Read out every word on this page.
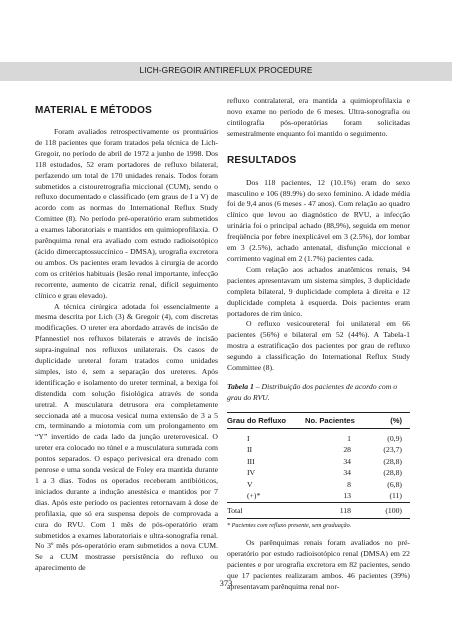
LICH-GREGOIR ANTIREFLUX PROCEDURE
MATERIAL E MÉTODOS

Foram avaliados retrospectivamente os prontuários de 118 pacientes que foram tratados pela técnica de Lich-Gregoir, no período de abril de 1972 a junho de 1998. Dos 118 estudados, 52 eram portadores de refluxo bilateral, perfazendo um total de 170 unidades renais. Todos foram submetidos a cistouretrografia miccional (CUM), sendo o refluxo documentado e classificado (em graus de I a V) de acordo com as normas do International Reflux Study Comittee (8). No período pré-operatório eram submetidos a exames laboratoriais e mantidos em quimioprofilaxia. O parênquima renal era avaliado com estudo radioisotópico (ácido dimercaptossuccínico - DMSA), urografia excretora ou ambos. Os pacientes eram levados à cirurgia de acordo com os critérios habituais (lesão renal importante, infecção recorrente, aumento de cicatriz renal, difícil seguimento clínico e grau elevado).

A técnica cirúrgica adotada foi essencialmente a mesma descrita por Lich (3) & Gregoir (4), com discretas modificações. O ureter era abordado através de incisão de Pfannestiel nos refluxos bilaterais e através de incisão supra-inguinal nos refluxos unilaterais. Os casos de duplicidade ureteral foram tratados como unidades simples, isto é, sem a separação dos ureteres. Após identificação e isolamento do ureter terminal, a bexiga foi distendida com solução fisiológica através de sonda uretral. A musculatura detrusora era completamente seccionada até a mucosa vesical numa extensão de 3 a 5 cm, terminando a miotomia com um prolongamento em “Y” invertido de cada lado da junção ureterovesical. O ureter era colocado no túnel e a musculatura suturada com pontos separados. O espaço perivesical era drenado com penrose e uma sonda vesical de Foley era mantida durante 1 a 3 dias. Todos os operados receberam antibióticos, iniciados durante a indução anestésica e mantidos por 7 dias. Após este período os pacientes retornavam à dose de profilaxia, que só era suspensa depois de comprovada a cura do RVU. Com 1 mês de pós-operatório eram submetidos a exames laboratoriais e ultra-sonografia renal. No 3º mês pós-operatório eram submetidos a nova CUM. Se a CUM mostrasse persistência do refluxo ou aparecimento de

refluxo contralateral, era mantida a quimioprofilaxia e novo exame no período de 6 meses. Ultra-sonografia ou cintilografia pós-operatórias foram solicitadas semestralmente enquanto foi mantido o seguimento.

RESULTADOS

Dos 118 pacientes, 12 (10.1%) eram do sexo masculino e 106 (89.9%) do sexo feminino. A idade média foi de 9,4 anos (6 meses - 47 anos). Com relação ao quadro clínico que levou ao diagnóstico de RVU, a infecção urinária foi o principal achado (88,9%), seguida em menor freqüência por febre inexplicável em 3 (2.5%), dor lombar em 3 (2.5%), achado antenatal, disfunção miccional e corrimento vaginal em 2 (1.7%) pacientes cada.

Com relação aos achados anatômicos renais, 94 pacientes apresentavam um sistema simples, 3 duplicidade completa bilateral, 9 duplicidade completa à direita e 12 duplicidade completa à esquerda. Dois pacientes eram portadores de rim único.

O refluxo vesicoureteral foi unilateral em 66 pacientes (56%) e bilateral em 52 (44%). A Tabela-1 mostra a estratificação dos pacientes por grau de refluxo segundo a classificação do International Reflux Study Committee (8).

Tabela 1 – Distribuição dos pacientes de acordo com o grau do RVU.

Grau do Refluxo	No. Pacientes	(%)
I	1	(0,9)
II	28	(23,7)
III	34	(28,8)
IV	34	(28,8)
V	8	(6,8)
(+)*	13	(11)
Total	118	(100)

* Pacientes com refluxo presente, sem graduação.

Os parênquimas renais foram avaliados no pré-operatório por estudo radioisotópico renal (DMSA) em 22 pacientes e por urografia excretora em 82 pacientes, sendo que 17 pacientes realizaram ambos. 46 pacientes (39%) apresentavam parênquima renal nor-

373
